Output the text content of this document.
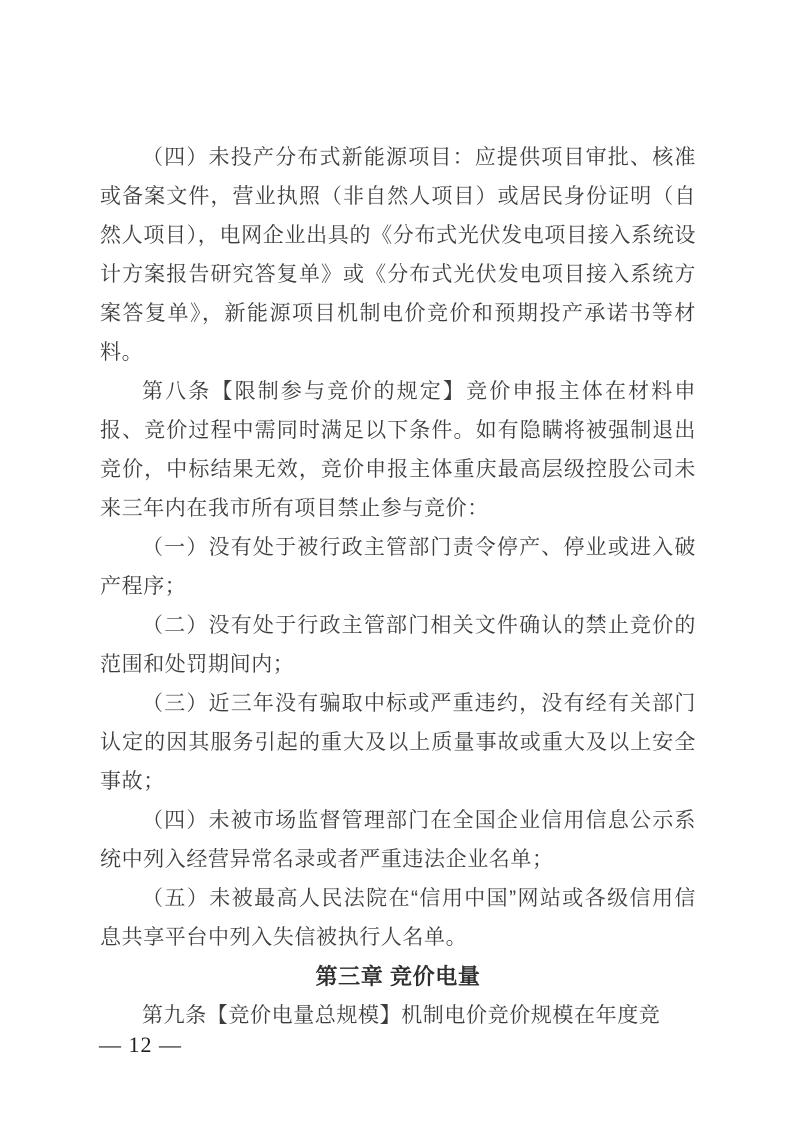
（四）未投产分布式新能源项目：应提供项目审批、核准或备案文件，营业执照（非自然人项目）或居民身份证明（自然人项目），电网企业出具的《分布式光伏发电项目接入系统设计方案报告研究答复单》或《分布式光伏发电项目接入系统方案答复单》，新能源项目机制电价竞价和预期投产承诺书等材料。

第八条【限制参与竞价的规定】竞价申报主体在材料申报、竞价过程中需同时满足以下条件。如有隐瞒将被强制退出竞价，中标结果无效，竞价申报主体重庆最高层级控股公司未来三年内在我市所有项目禁止参与竞价：

（一）没有处于被行政主管部门责令停产、停业或进入破产程序；

（二）没有处于行政主管部门相关文件确认的禁止竞价的范围和处罚期间内；

（三）近三年没有骗取中标或严重违约，没有经有关部门认定的因其服务引起的重大及以上质量事故或重大及以上安全事故；

（四）未被市场监督管理部门在全国企业信用信息公示系统中列入经营异常名录或者严重违法企业名单；

（五）未被最高人民法院在“信用中国”网站或各级信用信息共享平台中列入失信被执行人名单。

第三章 竞价电量

第九条【竞价电量总规模】机制电价竞价规模在年度竞

— 12 —
